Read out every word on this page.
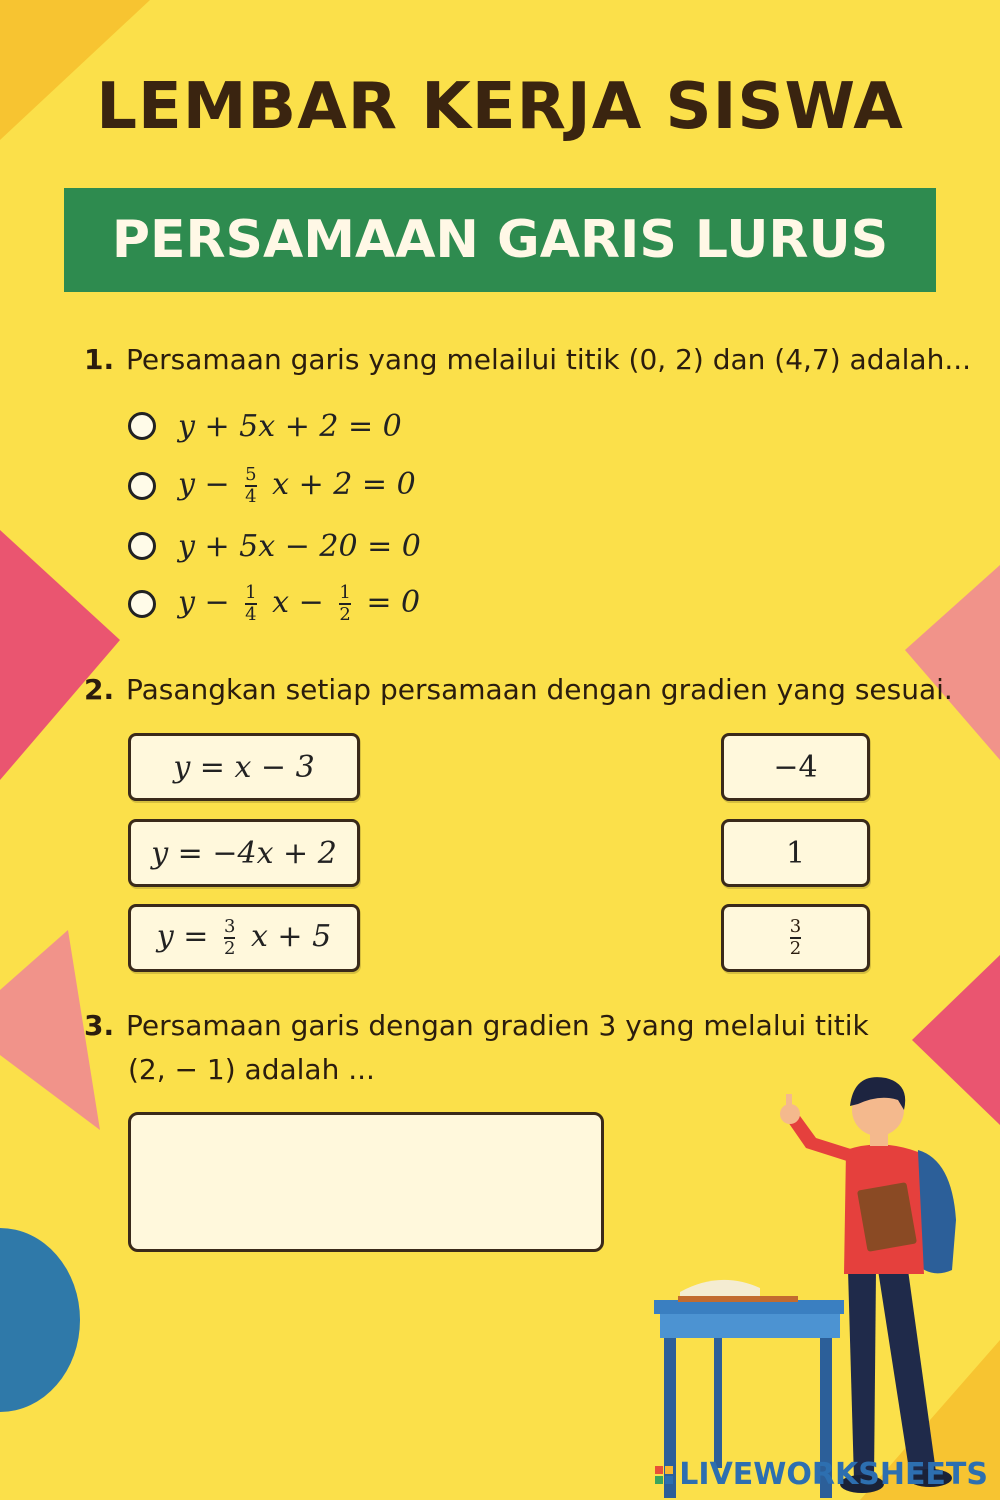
LEMBAR KERJA SISWA
PERSAMAAN GARIS LURUS
1. Persamaan garis yang melailui titik (0, 2) dan (4,7) adalah...
y + 5x + 2 = 0
$y - \frac{5}{4}$ x + 2 = 0
y + 5x − 20 = 0
$y - \frac{1}{4}$ $x - \frac{1}{2} = 0$
2. Pasangkan setiap persamaan dengan gradien yang sesuai.
y = x − 3
y = −4x + 2
$y = \frac{3}{2}$ x + 5
−4
1
$\frac{3}{2}$
3. Persamaan garis dengan gradien 3 yang melalui titik
(2, − 1) adalah ...
LIVEWORKSHEETS
